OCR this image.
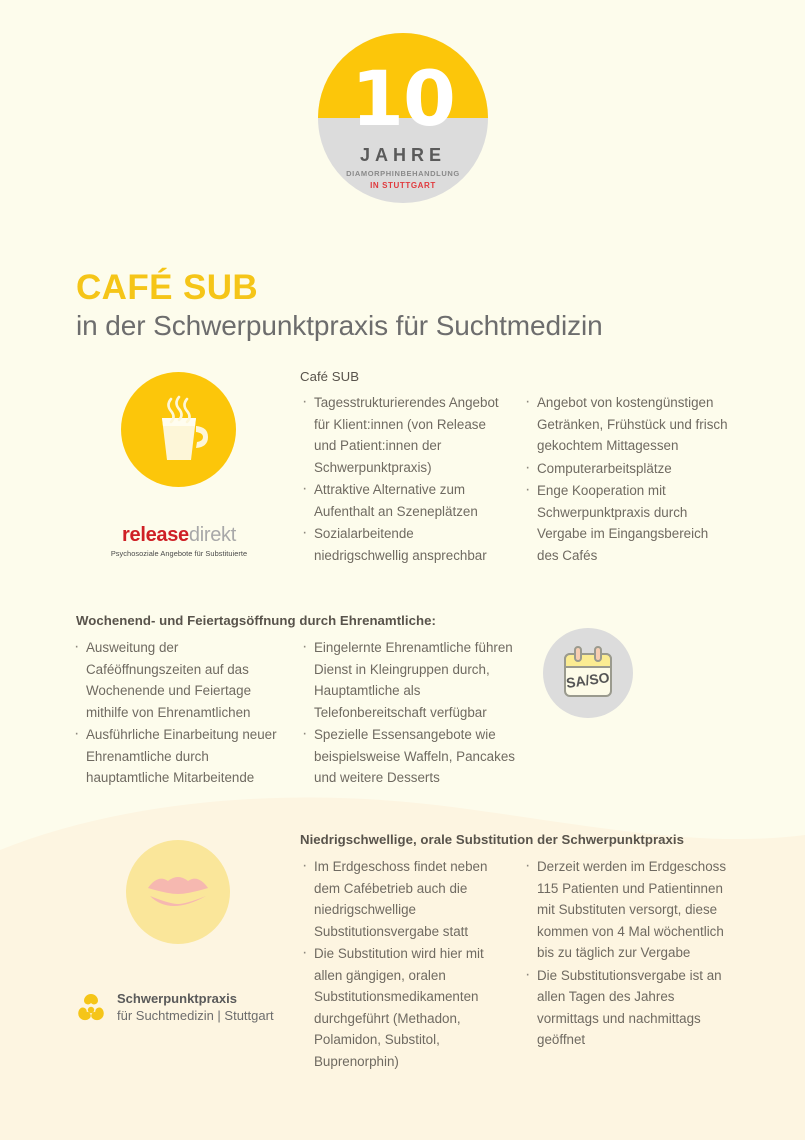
10
JAHRE
DIAMORPHINBEHANDLUNG
IN STUTTGART
CAFÉ SUB
in der Schwerpunktpraxis für Suchtmedizin
releasedirekt
Psychosoziale Angebote für Substituierte
Café SUB
· Tagesstrukturierendes Angebot für Klient:innen (von Release und Patient:innen der Schwerpunktpraxis)
· Attraktive Alternative zum Aufenthalt an Szeneplätzen
· Sozialarbeitende niedrigschwellig ansprechbar
· Angebot von kostengünstigen Getränken, Frühstück und frisch gekochtem Mittagessen
· Computerarbeitsplätze
· Enge Kooperation mit Schwerpunktpraxis durch Vergabe im Eingangsbereich des Cafés
Wochenend- und Feiertagsöffnung durch Ehrenamtliche:
· Ausweitung der Caféöffnungszeiten auf das Wochenende und Feiertage mithilfe von Ehrenamtlichen
· Ausführliche Einarbeitung neuer Ehrenamtliche durch hauptamtliche Mitarbeitende
· Eingelernte Ehrenamtliche führen Dienst in Kleingruppen durch, Hauptamtliche als Telefonbereitschaft verfügbar
· Spezielle Essensangebote wie beispielsweise Waffeln, Pancakes und weitere Desserts
SA/SO
Schwerpunktpraxis
für Suchtmedizin | Stuttgart
Niedrigschwellige, orale Substitution der Schwerpunktpraxis
· Im Erdgeschoss findet neben dem Cafébetrieb auch die niedrigschwellige Substitutionsvergabe statt
· Die Substitution wird hier mit allen gängigen, oralen Substitutionsmedikamenten durchgeführt (Methadon, Polamidon, Substitol, Buprenorphin)
· Derzeit werden im Erdgeschoss 115 Patienten und Patientinnen mit Substituten versorgt, diese kommen von 4 Mal wöchentlich bis zu täglich zur Vergabe
· Die Substitutionsvergabe ist an allen Tagen des Jahres vormittags und nachmittags geöffnet
